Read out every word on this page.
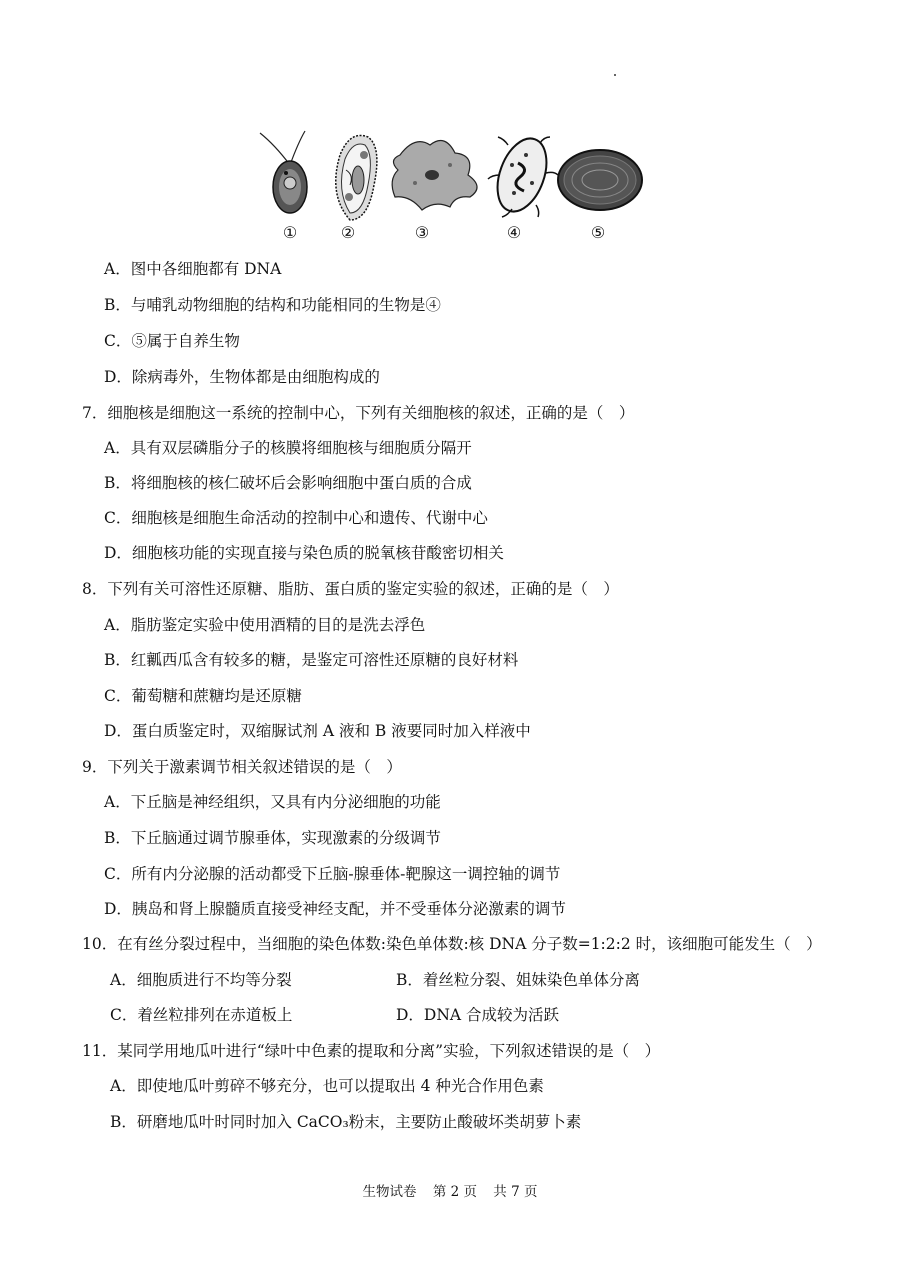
①	②	③	④	⑤
A．图中各细胞都有 DNA
B．与哺乳动物细胞的结构和功能相同的生物是④
C．⑤属于自养生物
D．除病毒外，生物体都是由细胞构成的
7．细胞核是细胞这一系统的控制中心，下列有关细胞核的叙述，正确的是（　）
A．具有双层磷脂分子的核膜将细胞核与细胞质分隔开
B．将细胞核的核仁破坏后会影响细胞中蛋白质的合成
C．细胞核是细胞生命活动的控制中心和遗传、代谢中心
D．细胞核功能的实现直接与染色质的脱氧核苷酸密切相关
8．下列有关可溶性还原糖、脂肪、蛋白质的鉴定实验的叙述，正确的是（　）
A．脂肪鉴定实验中使用酒精的目的是洗去浮色
B．红瓤西瓜含有较多的糖，是鉴定可溶性还原糖的良好材料
C．葡萄糖和蔗糖均是还原糖
D．蛋白质鉴定时，双缩脲试剂 A 液和 B 液要同时加入样液中
9．下列关于激素调节相关叙述错误的是（　）
A．下丘脑是神经组织，又具有内分泌细胞的功能
B．下丘脑通过调节腺垂体，实现激素的分级调节
C．所有内分泌腺的活动都受下丘脑-腺垂体-靶腺这一调控轴的调节
D．胰岛和肾上腺髓质直接受神经支配，并不受垂体分泌激素的调节
10．在有丝分裂过程中，当细胞的染色体数:染色单体数:核 DNA 分子数=1:2:2 时，该细胞可能发生（　）
A．细胞质进行不均等分裂	B．着丝粒分裂、姐妹染色单体分离
C．着丝粒排列在赤道板上	D．DNA 合成较为活跃
11．某同学用地瓜叶进行“绿叶中色素的提取和分离”实验，下列叙述错误的是（　）
A．即使地瓜叶剪碎不够充分，也可以提取出 4 种光合作用色素
B．研磨地瓜叶时同时加入 CaCO₃粉末，主要防止酸破坏类胡萝卜素
生物试卷 第 2 页 共 7 页
